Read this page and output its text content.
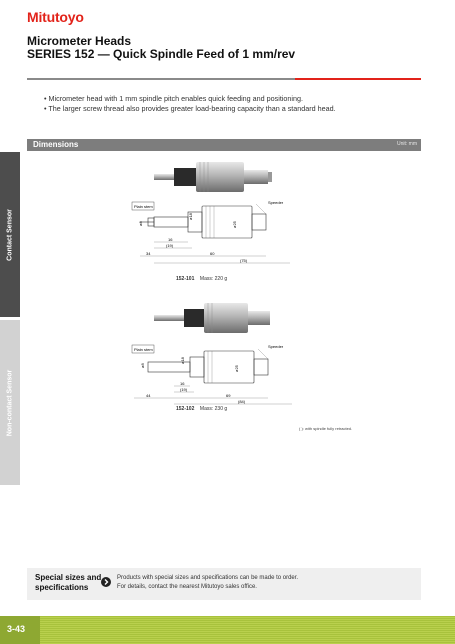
Mitutoyo
Micrometer Heads
SERIES 152 — Quick Spindle Feed of 1 mm/rev
• Micrometer head with 1 mm spindle pitch enables quick feeding and positioning.
• The larger screw thread also provides greater load-bearing capacity than a standard head.
Dimensions	Unit: mm
Contact Sensor
Non-contact Sensor
Plain stem
Speeder
ø8
ø18
ø25
16
(19)
34	60
(75)
152-101 Mass: 220 g
Plain stem
Speeder
ø8
ø18
ø25
16
(19)
44	69
(84)
152-102 Mass: 230 g
( ): with spindle fully retracted.
Special sizes and
specifications
Products with special sizes and specifications can be made to order.
For details, contact the nearest Mitutoyo sales office.
3-43
